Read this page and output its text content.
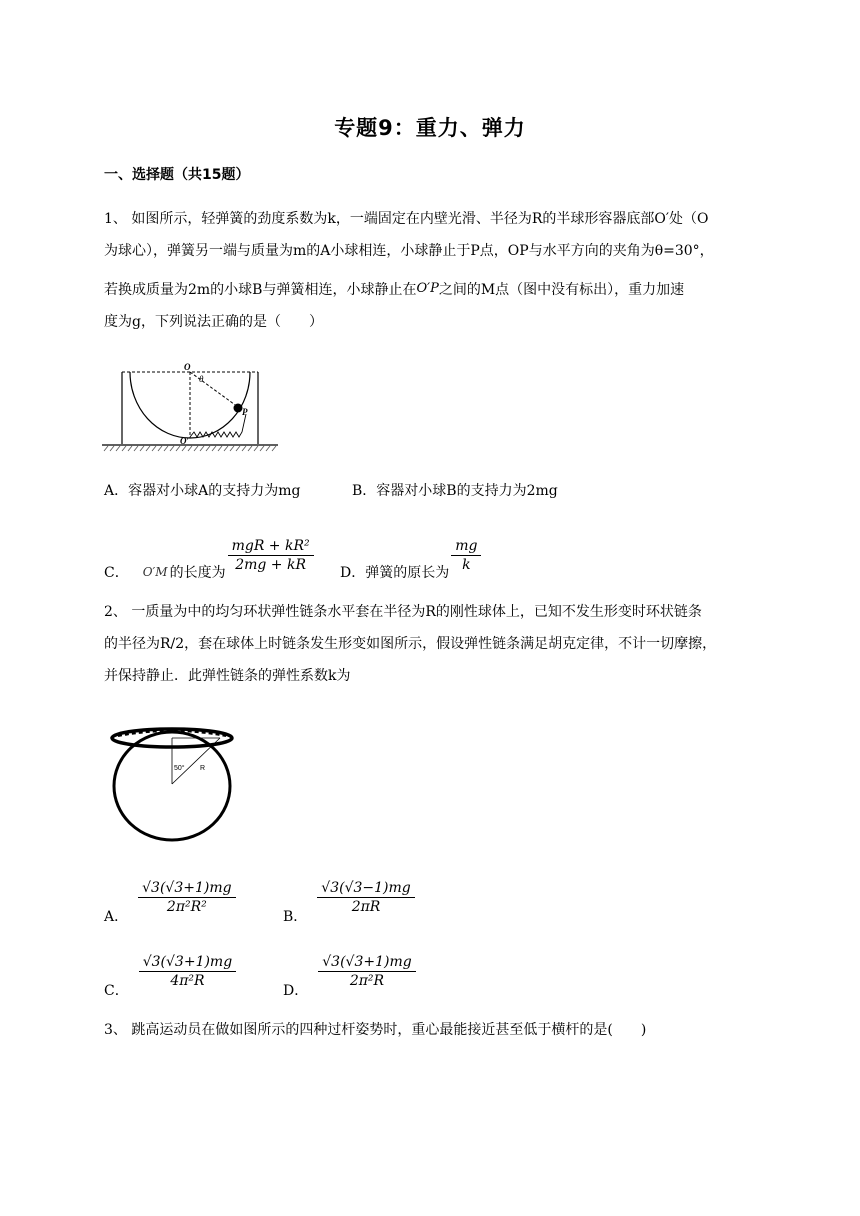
专题9：重力、弹力
一、选择题（共15题）
1、 如图所示，轻弹簧的劲度系数为k，一端固定在内壁光滑、半径为R的半球形容器底部O′处（O
为球心），弹簧另一端与质量为m的A小球相连，小球静止于P点，OP与水平方向的夹角为θ=30°，
若换成质量为2m的小球B与弹簧相连，小球静止在O′P之间的M点（图中没有标出），重力加速
度为g，下列说法正确的是（　　）
O
θ
P
O′
A．容器对小球A的支持力为mg	B．容器对小球B的支持力为2mg
C． O′M 的长度为 $\frac{\text{mgR + kR²}}{2mg + kR}$ D．弹簧的原长为 $\frac{mg}{k}$
2、 一质量为中的均匀环状弹性链条水平套在半径为R的刚性球体上，已知不发生形变时环状链条
的半径为R/2，套在球体上时链条发生形变如图所示，假设弹性链条满足胡克定律，不计一切摩擦，
并保持静止．此弹性链条的弹性系数k为
50° R
A．
$\frac{√3(√3+1)mg}{\text{2π²R²}}$
B．
$\frac{√3(√3-1)mg}{2\pi R}$
C．
$\frac{√3(√3+1)mg}{\text{4π²R}}$
D．
$\frac{√3(√3+1)mg}{\text{2π²R}}$
3、 跳高运动员在做如图所示的四种过杆姿势时，重心最能接近甚至低于横杆的是(　　)
